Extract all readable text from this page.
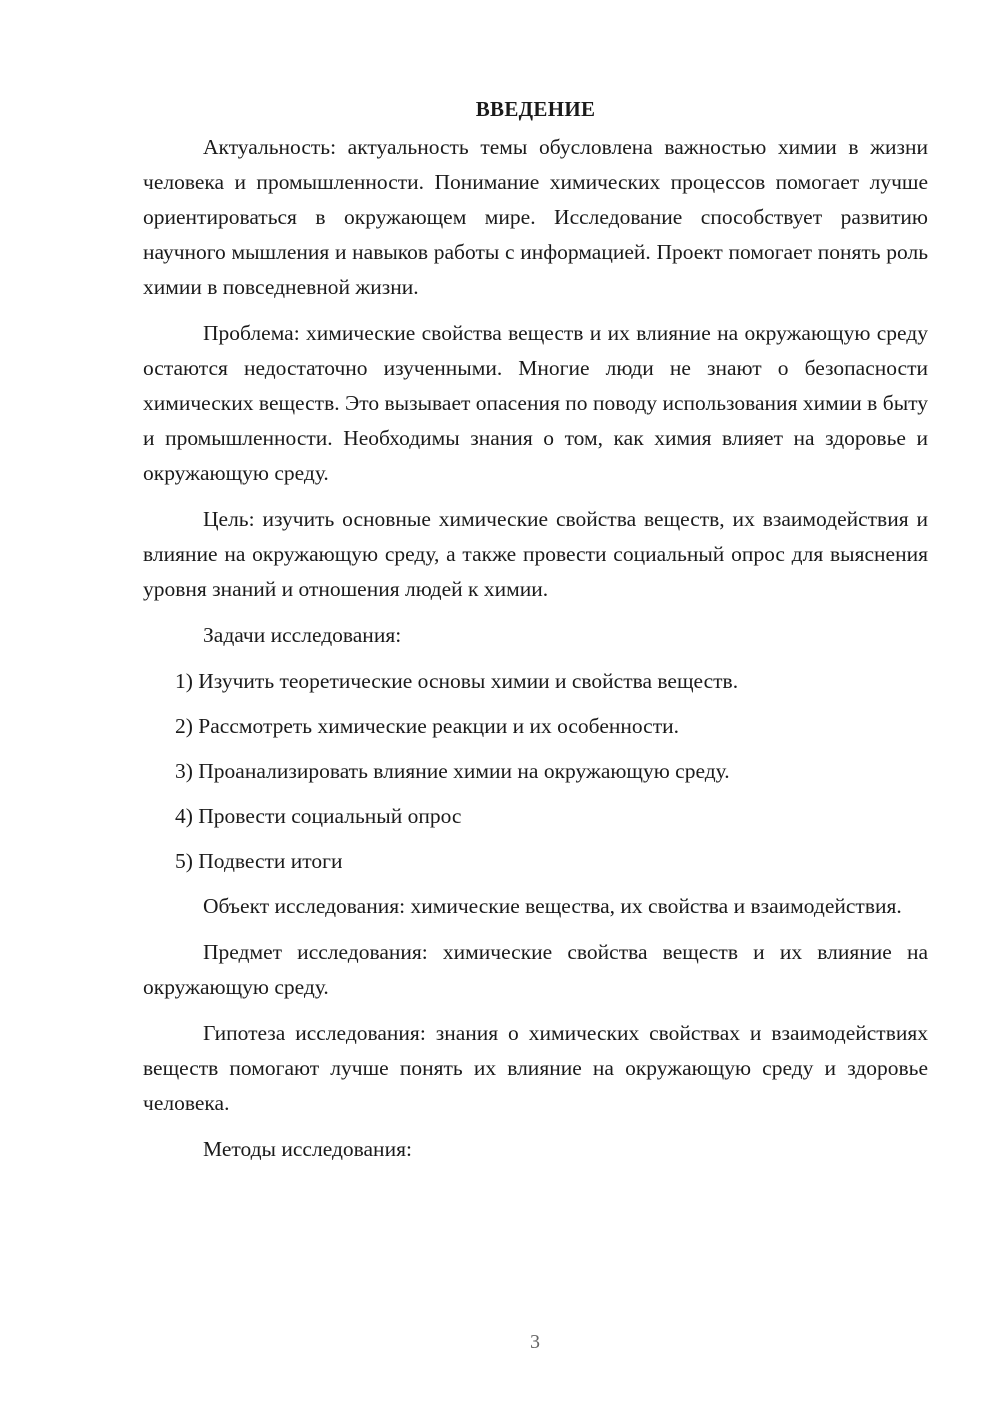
ВВЕДЕНИЕ

Актуальность: актуальность темы обусловлена важностью химии в жизни человека и промышленности. Понимание химических процессов помогает лучше ориентироваться в окружающем мире. Исследование способствует развитию научного мышления и навыков работы с информацией. Проект помогает понять роль химии в повседневной жизни.

Проблема: химические свойства веществ и их влияние на окружающую среду остаются недостаточно изученными. Многие люди не знают о безопасности химических веществ. Это вызывает опасения по поводу использования химии в быту и промышленности. Необходимы знания о том, как химия влияет на здоровье и окружающую среду.

Цель: изучить основные химические свойства веществ, их взаимодействия и влияние на окружающую среду, а также провести социальный опрос для выяснения уровня знаний и отношения людей к химии.

Задачи исследования:

1) Изучить теоретические основы химии и свойства веществ.
2) Рассмотреть химические реакции и их особенности.
3) Проанализировать влияние химии на окружающую среду.
4) Провести социальный опрос
5) Подвести итоги

Объект исследования: химические вещества, их свойства и взаимодействия.

Предмет исследования: химические свойства веществ и их влияние на окружающую среду.

Гипотеза исследования: знания о химических свойствах и взаимодействиях веществ помогают лучше понять их влияние на окружающую среду и здоровье человека.

Методы исследования:

3
